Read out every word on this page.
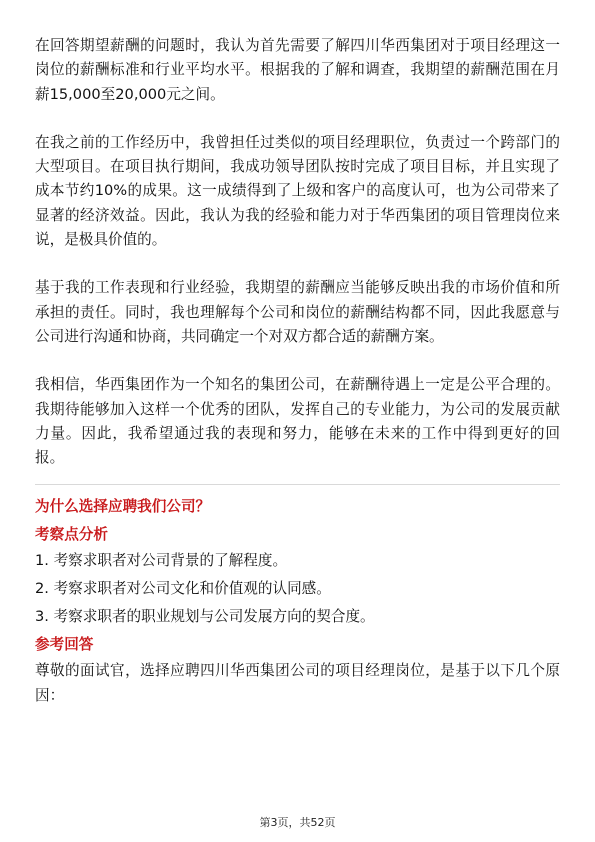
在回答期望薪酬的问题时，我认为首先需要了解四川华西集团对于项目经理这一岗位的薪酬标准和行业平均水平。根据我的了解和调查，我期望的薪酬范围在月薪15,000至20,000元之间。

在我之前的工作经历中，我曾担任过类似的项目经理职位，负责过一个跨部门的大型项目。在项目执行期间，我成功领导团队按时完成了项目目标，并且实现了成本节约10%的成果。这一成绩得到了上级和客户的高度认可，也为公司带来了显著的经济效益。因此，我认为我的经验和能力对于华西集团的项目管理岗位来说，是极具价值的。

基于我的工作表现和行业经验，我期望的薪酬应当能够反映出我的市场价值和所承担的责任。同时，我也理解每个公司和岗位的薪酬结构都不同，因此我愿意与公司进行沟通和协商，共同确定一个对双方都合适的薪酬方案。

我相信，华西集团作为一个知名的集团公司，在薪酬待遇上一定是公平合理的。我期待能够加入这样一个优秀的团队，发挥自己的专业能力，为公司的发展贡献力量。因此，我希望通过我的表现和努力，能够在未来的工作中得到更好的回报。

为什么选择应聘我们公司？

考察点分析

1. 考察求职者对公司背景的了解程度。

2. 考察求职者对公司文化和价值观的认同感。

3. 考察求职者的职业规划与公司发展方向的契合度。

参考回答

尊敬的面试官，选择应聘四川华西集团公司的项目经理岗位，是基于以下几个原因：

第3页，共52页
